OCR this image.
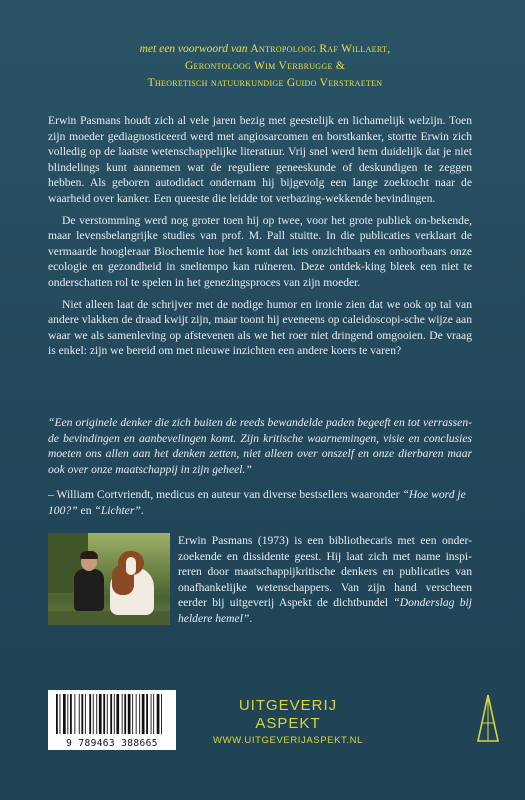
met een voorwoord van Antropoloog Raf Willaert,
Gerontoloog Wim Verbrugge &
Theoretisch natuurkundige Guido Verstraeten

Erwin Pasmans houdt zich al vele jaren bezig met geestelijk en lichamelijk welzijn. Toen zijn moeder gediagnosticeerd werd met angiosarcomen en borstkanker, stortte Erwin zich volledig op de laatste wetenschappelijke literatuur. Vrij snel werd hem duidelijk dat je niet blindelings kunt aannemen wat de reguliere geneeskunde of deskundigen te zeggen hebben. Als geboren autodidact ondernam hij bijgevolg een lange zoektocht naar de waarheid over kanker. Een queeste die leidde tot verbazing-wekkende bevindingen.

De verstomming werd nog groter toen hij op twee, voor het grote publiek on-bekende, maar levensbelangrijke studies van prof. M. Pall stuitte. In die publicaties verklaart de vermaarde hoogleraar Biochemie hoe het komt dat iets onzichtbaars en onhoorbaars onze ecologie en gezondheid in sneltempo kan ruïneren. Deze ontdek-king bleek een niet te onderschatten rol te spelen in het genezingsproces van zijn moeder.

Niet alleen laat de schrijver met de nodige humor en ironie zien dat we ook op tal van andere vlakken de draad kwijt zijn, maar toont hij eveneens op caleidoscopi-sche wijze aan waar we als samenleving op afstevenen als we het roer niet dringend omgooien. De vraag is enkel: zijn we bereid om met nieuwe inzichten een andere koers te varen?

“Een originele denker die zich buiten de reeds bewandelde paden begeeft en tot verrassen-de bevindingen en aanbevelingen komt. Zijn kritische waarnemingen, visie en conclusies moeten ons allen aan het denken zetten, niet alleen over onszelf en onze dierbaren maar ook over onze maatschappij in zijn geheel.”
– William Cortvriendt, medicus en auteur van diverse bestsellers waaronder “Hoe word je 100?” en “Lichter”.
Erwin Pasmans (1973) is een bibliothecaris met een onder-zoekende en dissidente geest. Hij laat zich met name inspi-reren door maatschappijkritische denkers en publicaties van onafhankelijke wetenschappers. Van zijn hand verscheen eerder bij uitgeverij Aspekt de dichtbundel “Donderslag bij heldere hemel”.
9 789463 388665
UITGEVERIJ ASPEKT
WWW.UITGEVERIJASPEKT.NL
